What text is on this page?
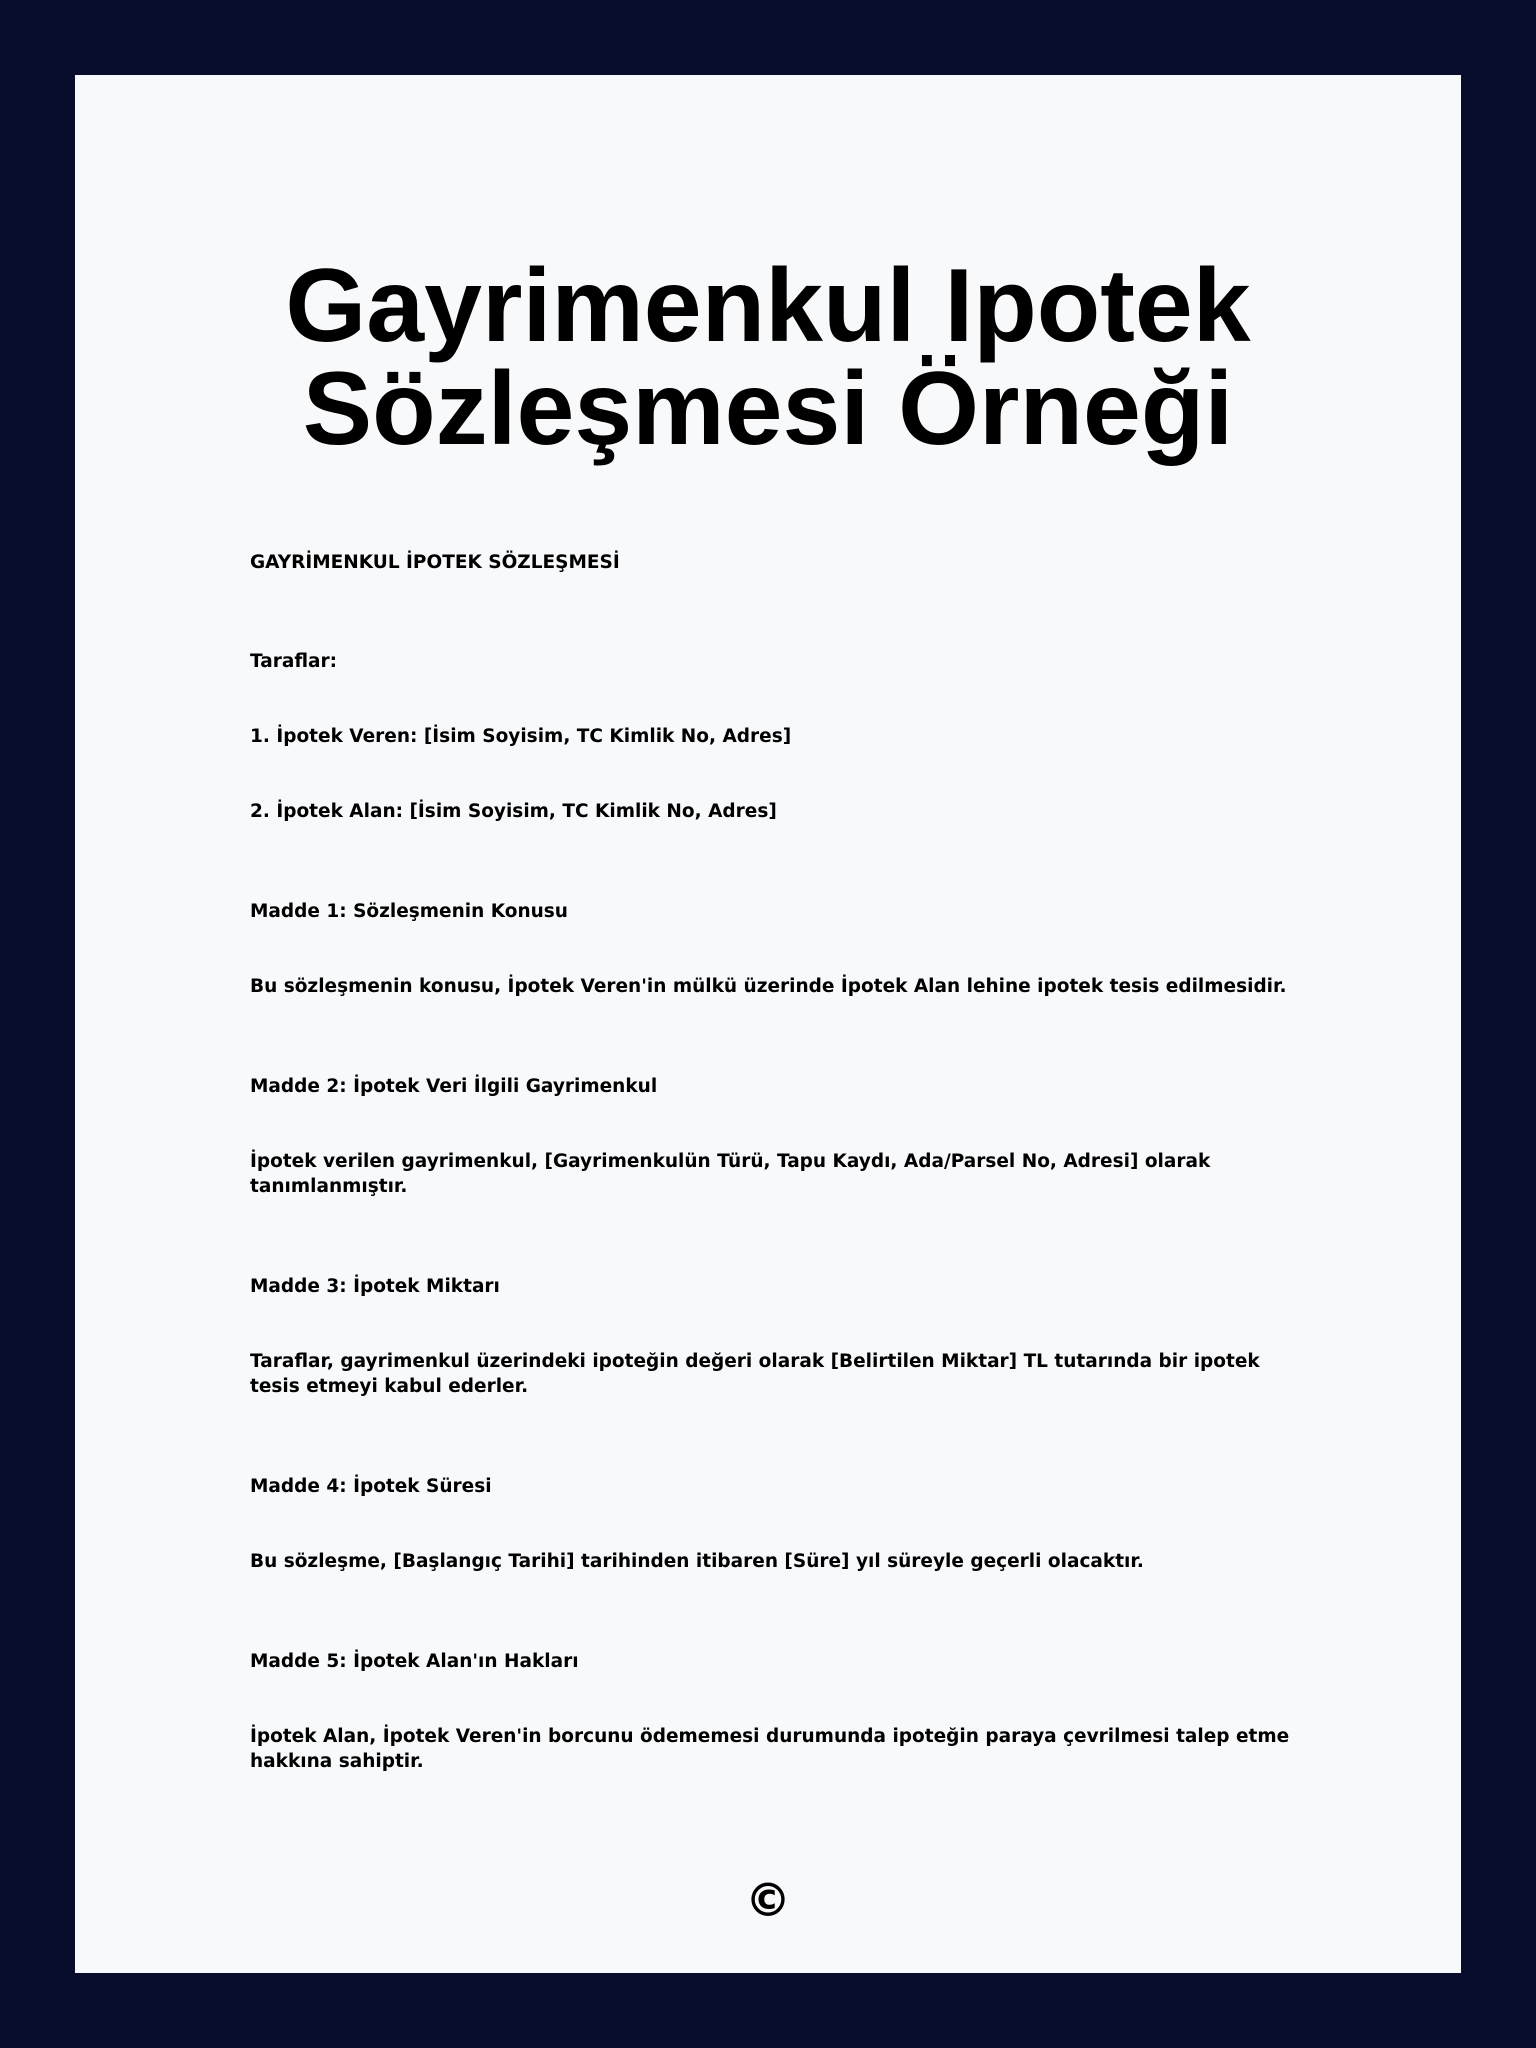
Gayrimenkul Ipotek
Sözleşmesi Örneği

GAYRİMENKUL İPOTEK SÖZLEŞMESİ

Taraflar:

1. İpotek Veren: [İsim Soyisim, TC Kimlik No, Adres]

2. İpotek Alan: [İsim Soyisim, TC Kimlik No, Adres]

Madde 1: Sözleşmenin Konusu

Bu sözleşmenin konusu, İpotek Veren'in mülkü üzerinde İpotek Alan lehine ipotek tesis edilmesidir.

Madde 2: İpotek Veri İlgili Gayrimenkul

İpotek verilen gayrimenkul, [Gayrimenkulün Türü, Tapu Kaydı, Ada/Parsel No, Adresi] olarak tanımlanmıştır.

Madde 3: İpotek Miktarı

Taraflar, gayrimenkul üzerindeki ipoteğin değeri olarak [Belirtilen Miktar] TL tutarında bir ipotek tesis etmeyi kabul ederler.

Madde 4: İpotek Süresi

Bu sözleşme, [Başlangıç Tarihi] tarihinden itibaren [Süre] yıl süreyle geçerli olacaktır.

Madde 5: İpotek Alan'ın Hakları

İpotek Alan, İpotek Veren'in borcunu ödememesi durumunda ipoteğin paraya çevrilmesi talep etme hakkına sahiptir.

©
